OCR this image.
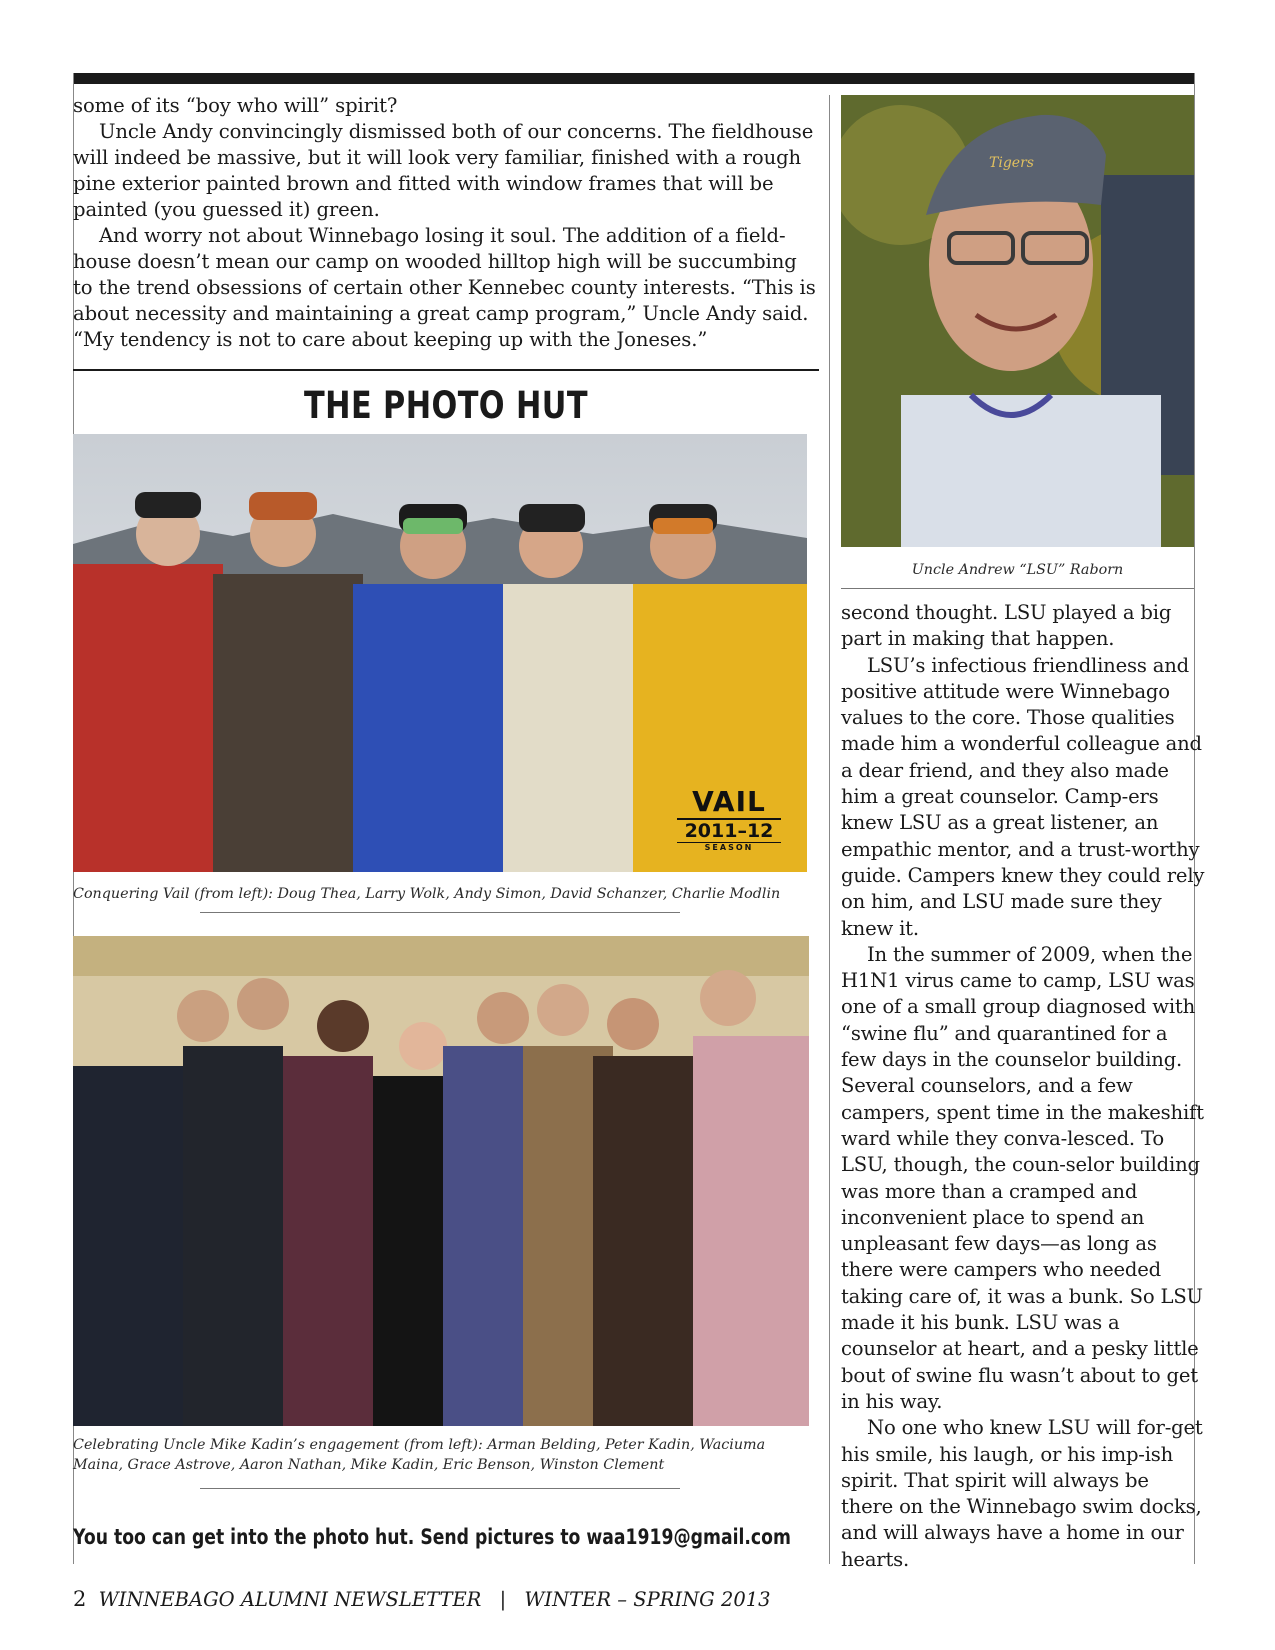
some of its “boy who will” spirit?

Uncle Andy convincingly dismissed both of our concerns. The fieldhouse will indeed be massive, but it will look very familiar, finished with a rough pine exterior painted brown and fitted with window frames that will be painted (you guessed it) green.

And worry not about Winnebago losing it soul. The addition of a field-house doesn’t mean our camp on wooded hilltop high will be succumbing to the trend obsessions of certain other Kennebec county interests. “This is about necessity and maintaining a great camp program,” Uncle Andy said. “My tendency is not to care about keeping up with the Joneses.”

THE PHOTO HUT
VAIL
2011–12
SEASON

Conquering Vail (from left): Doug Thea, Larry Wolk, Andy Simon, David Schanzer, Charlie Modlin

Celebrating Uncle Mike Kadin’s engagement (from left): Arman Belding, Peter Kadin, Waciuma Maina, Grace Astrove, Aaron Nathan, Mike Kadin, Eric Benson, Winston Clement

You too can get into the photo hut. Send pictures to waa1919@gmail.com

Tigers

Uncle Andrew “LSU” Raborn

second thought. LSU played a big part in making that happen.

LSU’s infectious friendliness and positive attitude were Winnebago values to the core. Those qualities made him a wonderful colleague and a dear friend, and they also made him a great counselor. Camp-ers knew LSU as a great listener, an empathic mentor, and a trust-worthy guide. Campers knew they could rely on him, and LSU made sure they knew it.

In the summer of 2009, when the H1N1 virus came to camp, LSU was one of a small group diagnosed with “swine flu” and quarantined for a few days in the counselor building. Several counselors, and a few campers, spent time in the makeshift ward while they conva-lesced. To LSU, though, the coun-selor building was more than a cramped and inconvenient place to spend an unpleasant few days—as long as there were campers who needed taking care of, it was a bunk. So LSU made it his bunk. LSU was a counselor at heart, and a pesky little bout of swine flu wasn’t about to get in his way.

No one who knew LSU will for-get his smile, his laugh, or his imp-ish spirit. That spirit will always be there on the Winnebago swim docks, and will always have a home in our hearts.

2 WINNEBAGO ALUMNI NEWSLETTER | WINTER – SPRING 2013
